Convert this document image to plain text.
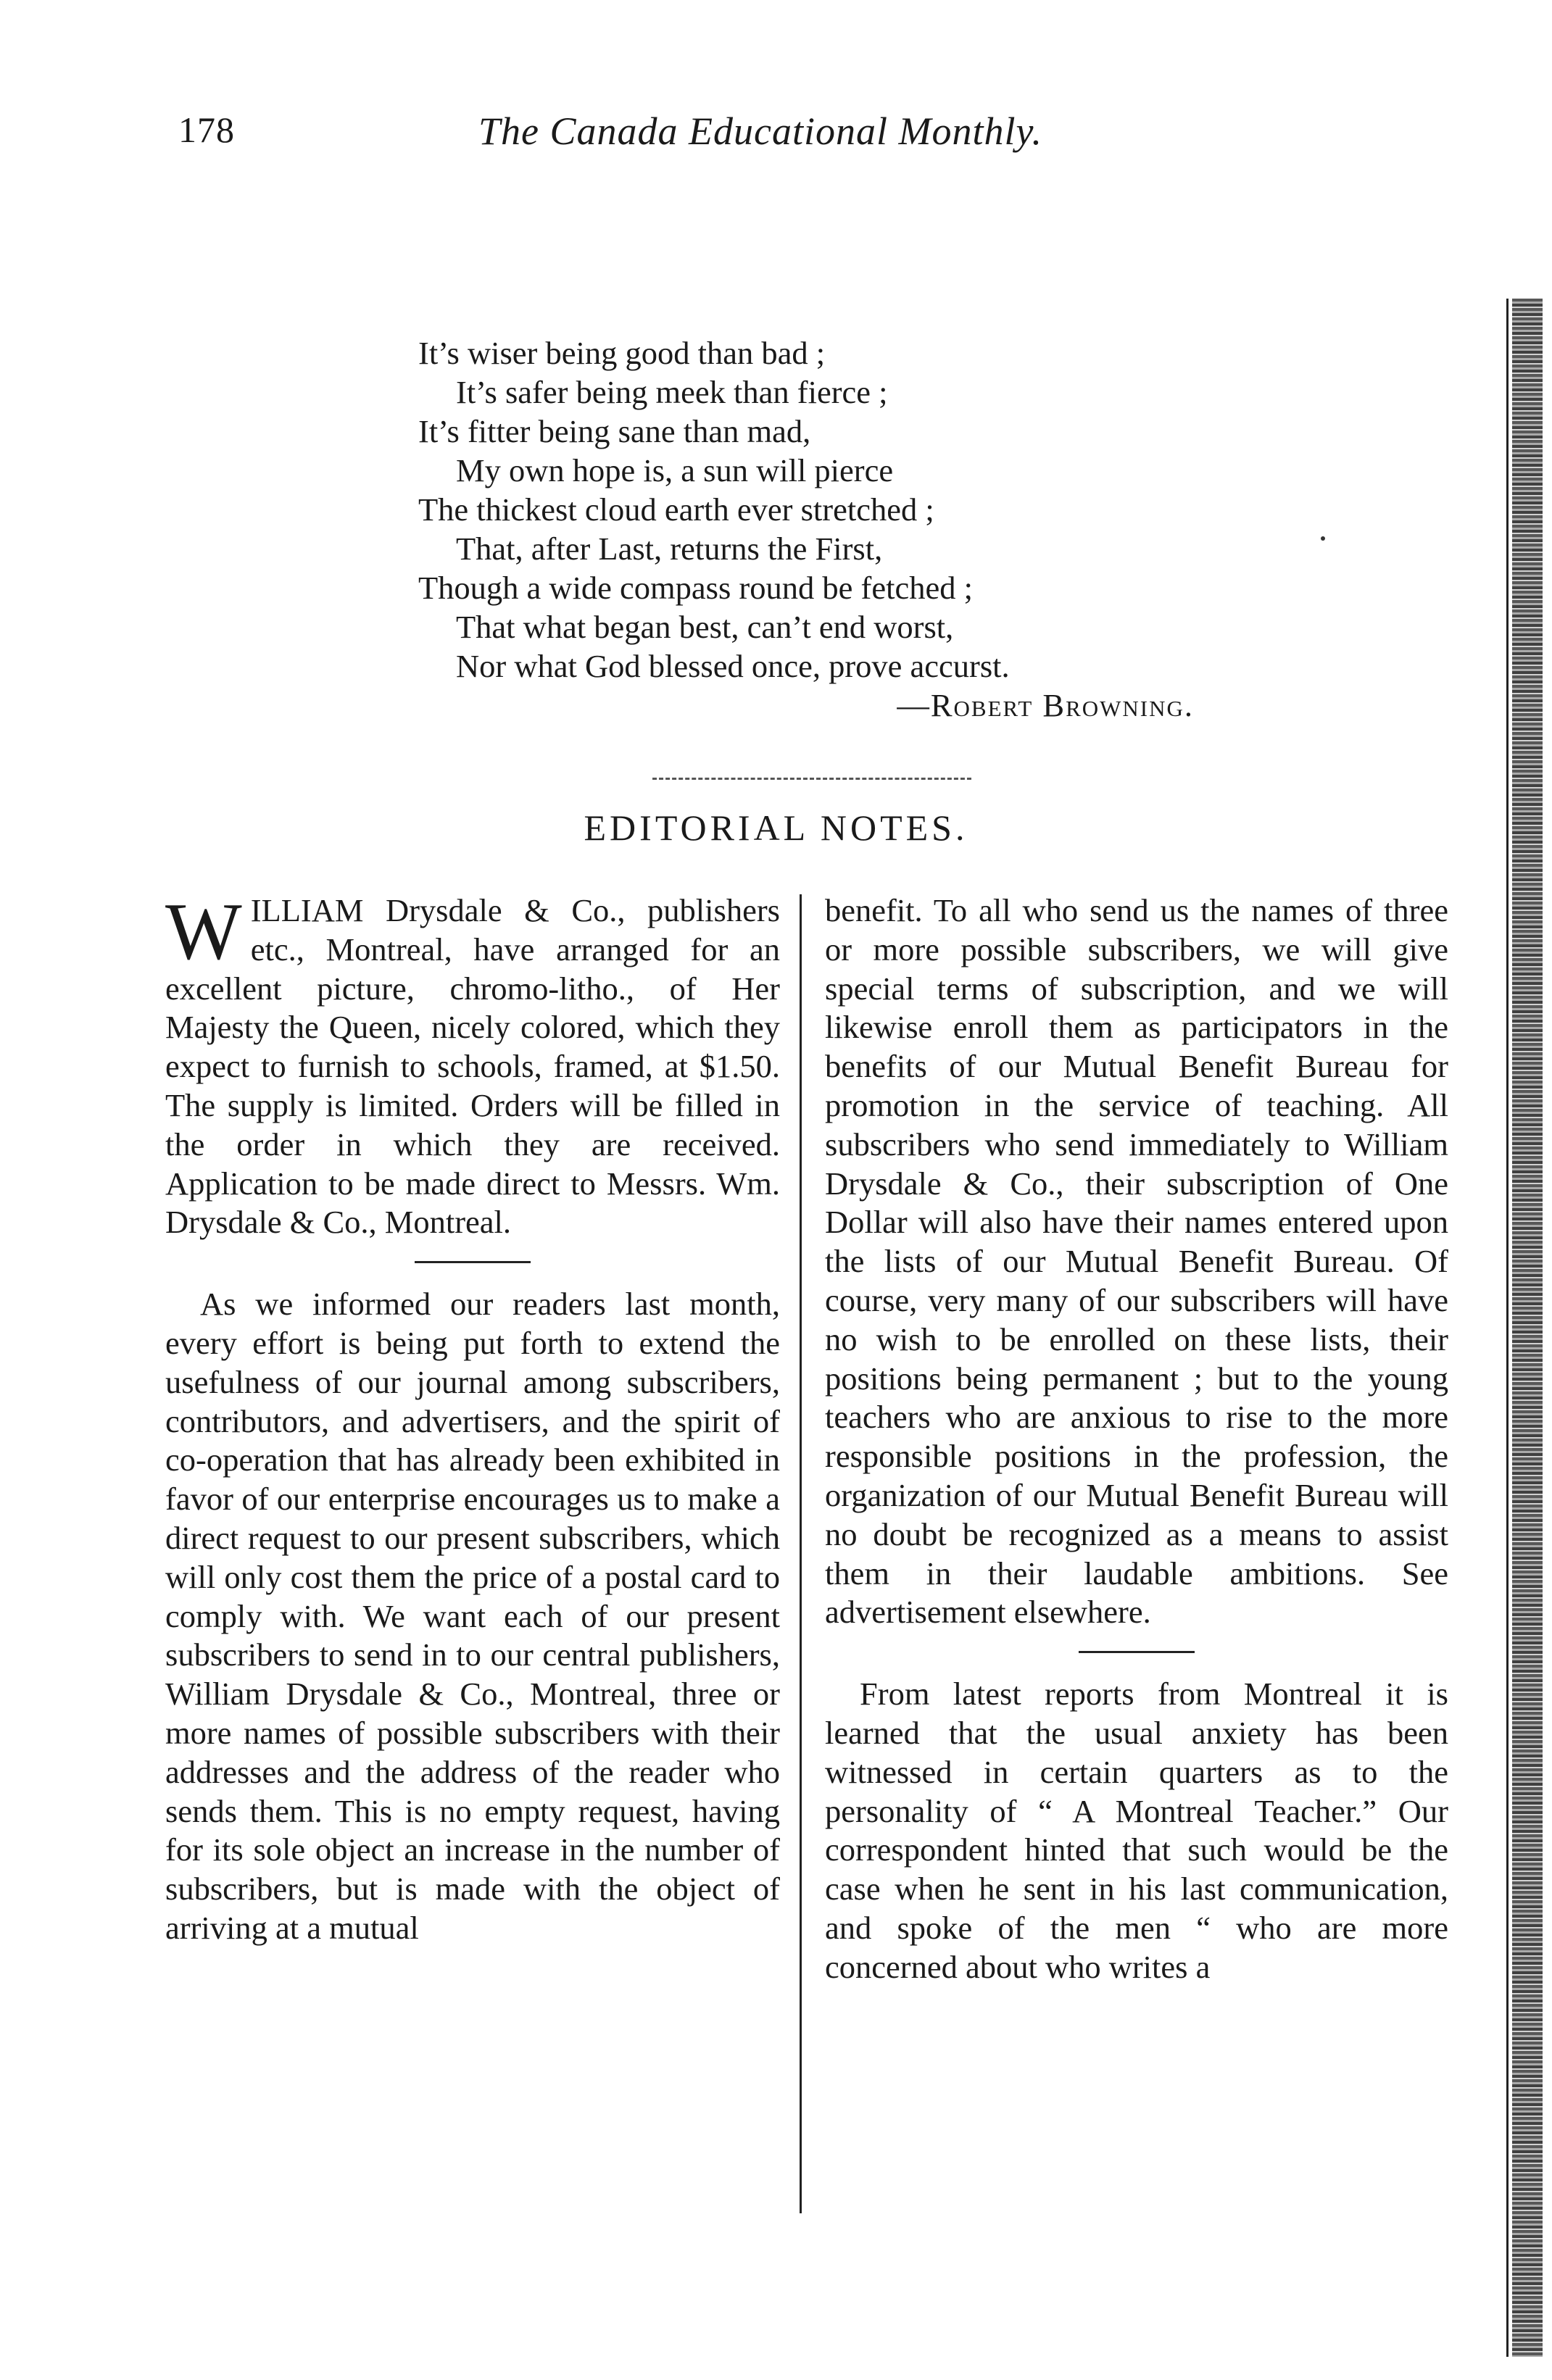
178	The Canada Educational Monthly.
It’s wiser being good than bad ;
It’s safer being meek than fierce ;
It’s fitter being sane than mad,
My own hope is, a sun will pierce
The thickest cloud earth ever stretched ;
That, after Last, returns the First,
Though a wide compass round be fetched ;
That what began best, can’t end worst,
Nor what God blessed once, prove accurst.
—Robert Browning.
EDITORIAL NOTES.

WILLIAM Drysdale & Co., publishers etc., Montreal, have arranged for an excellent picture, chromo-litho., of Her Majesty the Queen, nicely colored, which they expect to furnish to schools, framed, at $1.50. The supply is limited. Orders will be filled in the order in which they are received. Application to be made direct to Messrs. Wm. Drysdale & Co., Montreal.

As we informed our readers last month, every effort is being put forth to extend the usefulness of our journal among subscribers, contributors, and advertisers, and the spirit of co-operation that has already been exhibited in favor of our enterprise encourages us to make a direct request to our present subscribers, which will only cost them the price of a postal card to comply with. We want each of our present subscribers to send in to our central publishers, William Drysdale & Co., Montreal, three or more names of possible subscribers with their addresses and the address of the reader who sends them. This is no empty request, having for its sole object an increase in the number of subscribers, but is made with the object of arriving at a mutual

benefit. To all who send us the names of three or more possible subscribers, we will give special terms of subscription, and we will likewise enroll them as participators in the benefits of our Mutual Benefit Bureau for promotion in the service of teaching. All subscribers who send immediately to William Drysdale & Co., their subscription of One Dollar will also have their names entered upon the lists of our Mutual Benefit Bureau. Of course, very many of our subscribers will have no wish to be enrolled on these lists, their positions being permanent ; but to the young teachers who are anxious to rise to the more responsible positions in the profession, the organization of our Mutual Benefit Bureau will no doubt be recognized as a means to assist them in their laudable ambitions. See advertisement elsewhere.

From latest reports from Montreal it is learned that the usual anxiety has been witnessed in certain quarters as to the personality of “ A Montreal Teacher.” Our correspondent hinted that such would be the case when he sent in his last communication, and spoke of the men “ who are more concerned about who writes a
